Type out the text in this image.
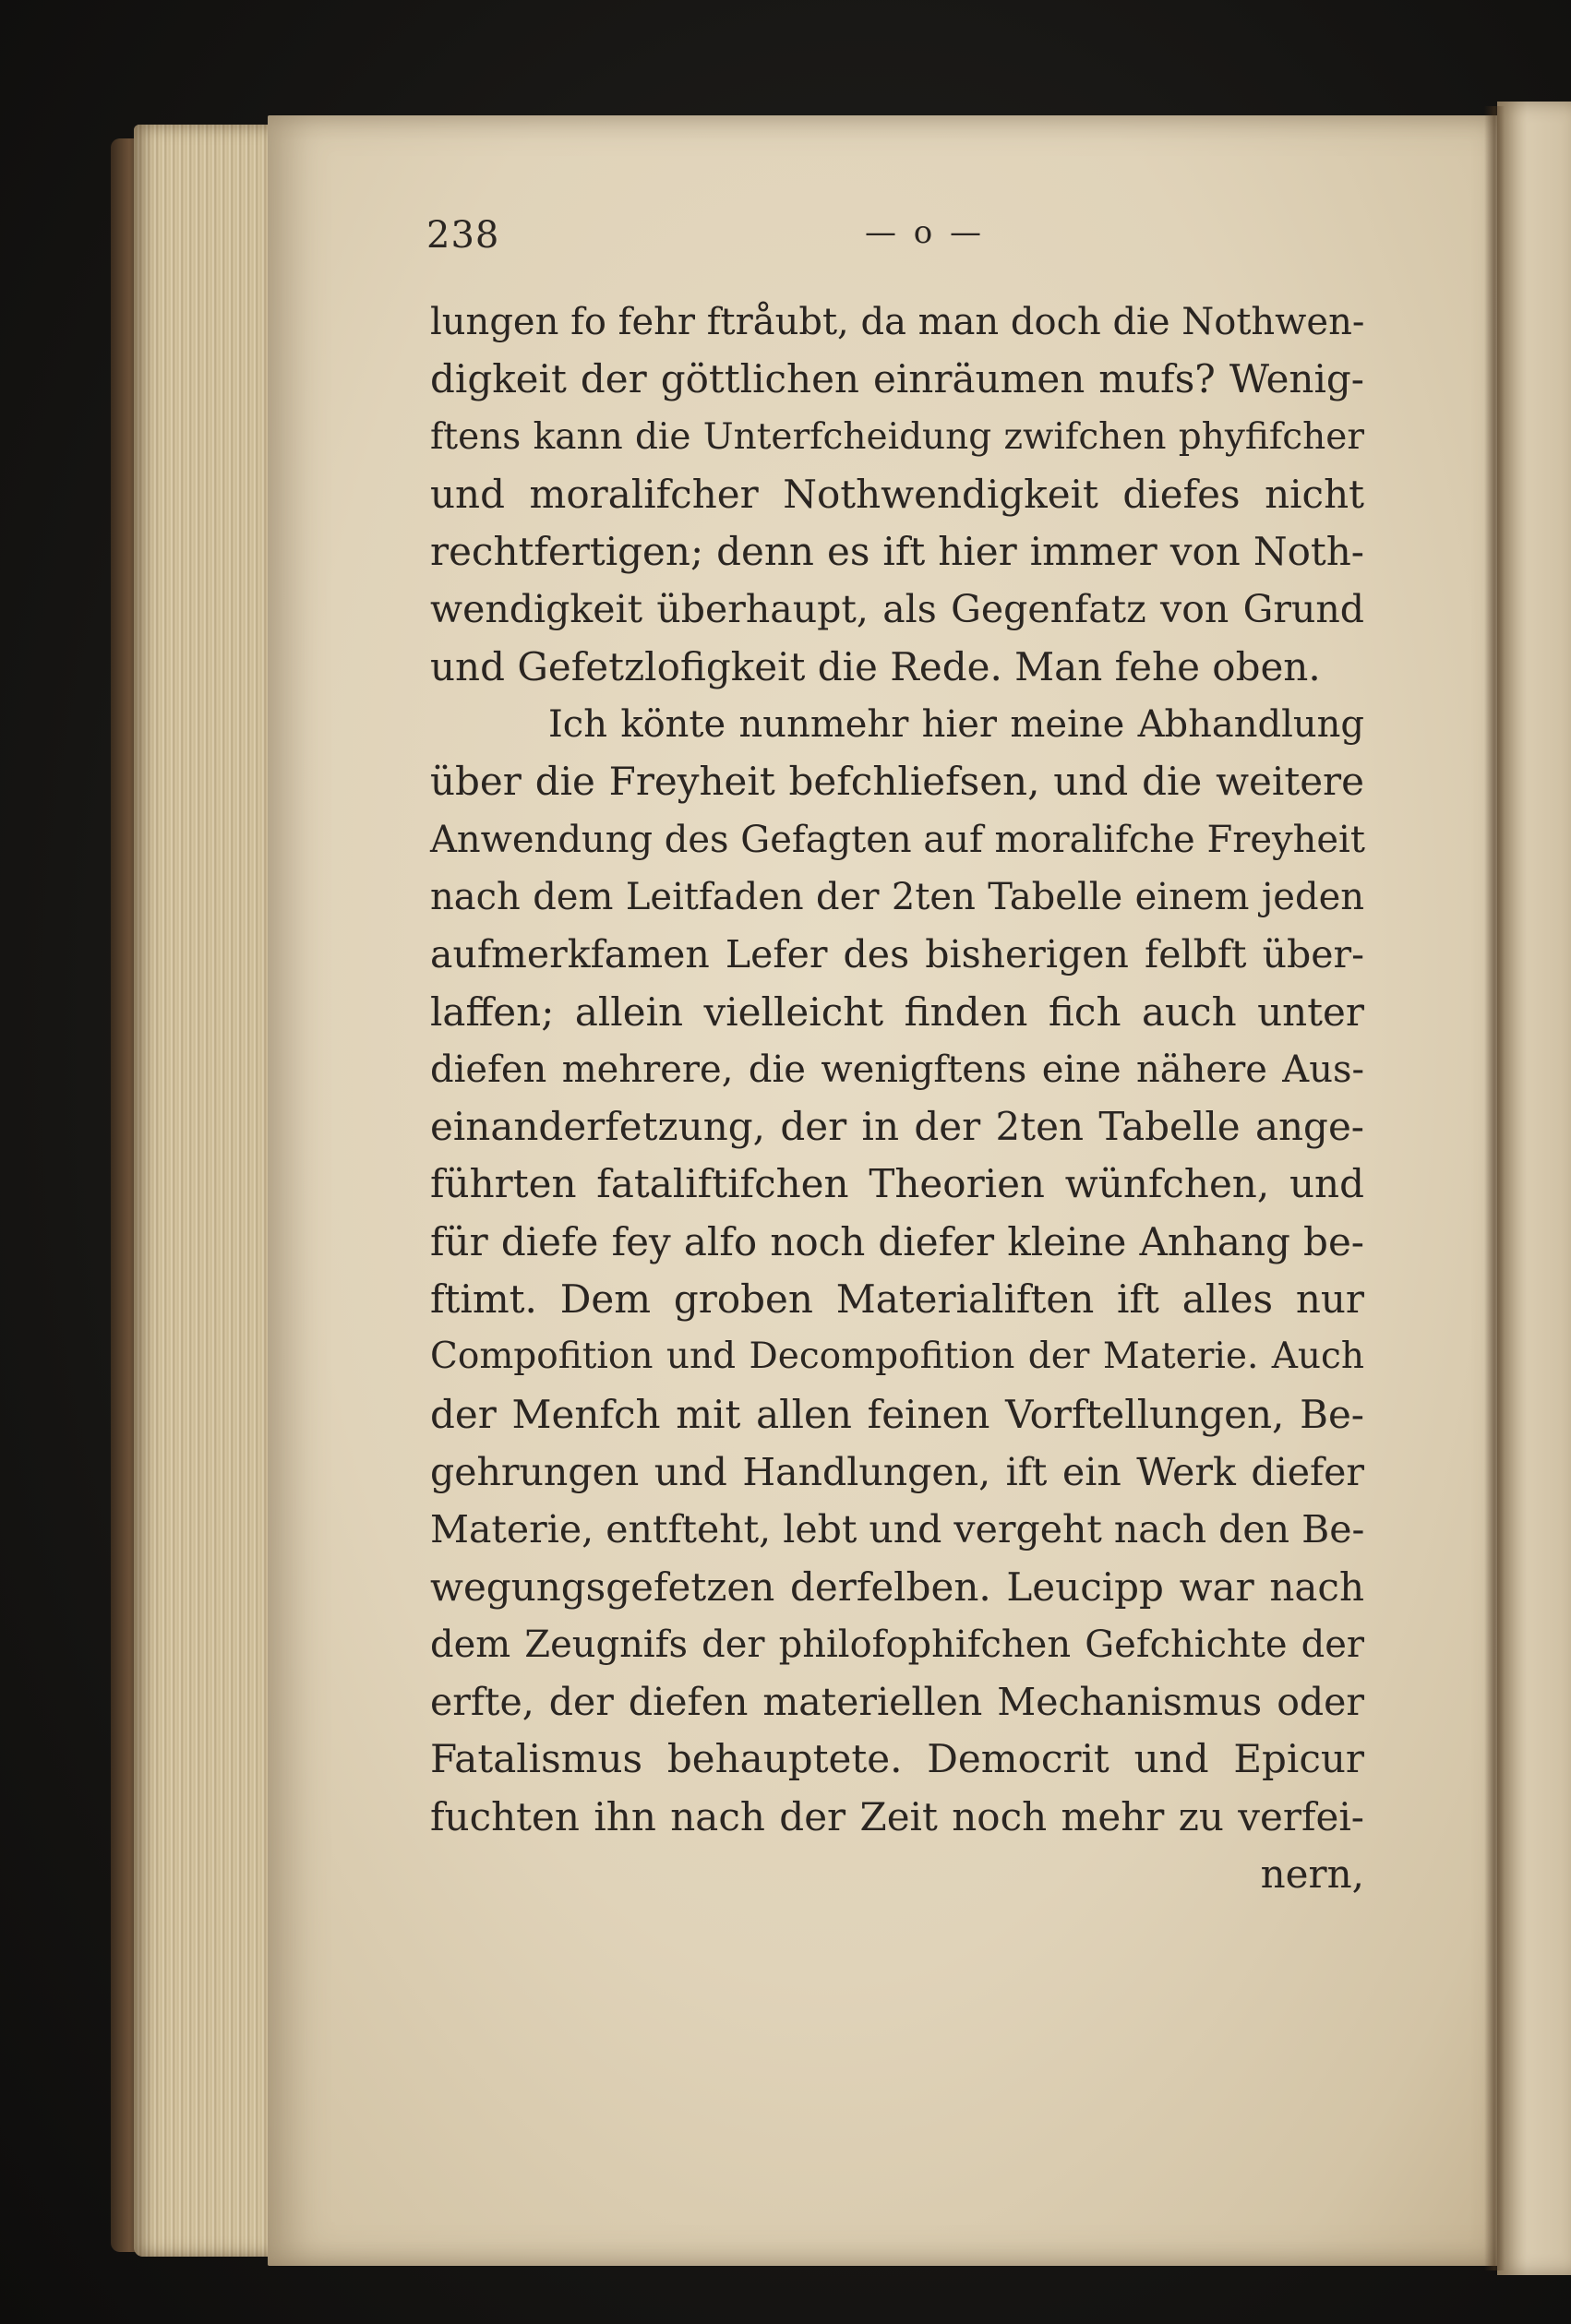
238	— o —
lungen fo fehr ftråubt, da man doch die Nothwen-
digkeit der göttlichen einräumen mufs? Wenig-
ftens kann die Unterfcheidung zwifchen phyfifcher
und moralifcher Nothwendigkeit diefes nicht
rechtfertigen; denn es ift hier immer von Noth-
wendigkeit überhaupt, als Gegenfatz von Grund
und Gefetzlofigkeit die Rede. Man fehe oben.
Ich könte nunmehr hier meine Abhandlung
über die Freyheit befchliefsen, und die weitere
Anwendung des Gefagten auf moralifche Freyheit
nach dem Leitfaden der 2ten Tabelle einem jeden
aufmerkfamen Lefer des bisherigen felbft über-
laffen; allein vielleicht finden fich auch unter
diefen mehrere, die wenigftens eine nähere Aus-
einanderfetzung, der in der 2ten Tabelle ange-
führten fataliftifchen Theorien wünfchen, und
für diefe fey alfo noch diefer kleine Anhang be-
ftimt. Dem groben Materialiften ift alles nur
Compofition und Decompofition der Materie. Auch
der Menfch mit allen feinen Vorftellungen, Be-
gehrungen und Handlungen, ift ein Werk diefer
Materie, entfteht, lebt und vergeht nach den Be-
wegungsgefetzen derfelben. Leucipp war nach
dem Zeugnifs der philofophifchen Gefchichte der
erfte, der diefen materiellen Mechanismus oder
Fatalismus behauptete. Democrit und Epicur
fuchten ihn nach der Zeit noch mehr zu verfei-
nern,
